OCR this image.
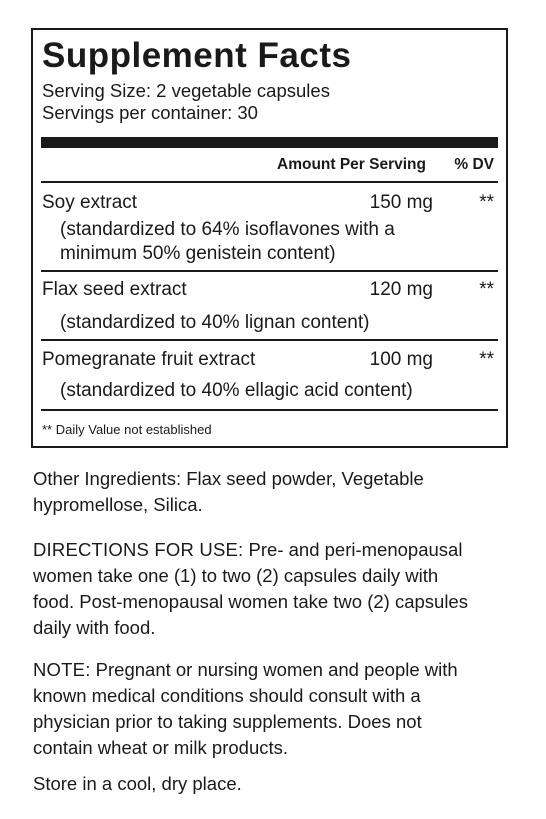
Supplement Facts
Serving Size: 2 vegetable capsules
Servings per container: 30
Amount Per Serving % DV
Soy extract	150 mg **
(standardized to 64% isoflavones with a
minimum 50% genistein content)
Flax seed extract	120 mg **
(standardized to 40% lignan content)
Pomegranate fruit extract	100 mg **
(standardized to 40% ellagic acid content)
** Daily Value not established
Other Ingredients: Flax seed powder, Vegetable
hypromellose, Silica.
DIRECTIONS FOR USE: Pre- and peri-menopausal
women take one (1) to two (2) capsules daily with
food. Post-menopausal women take two (2) capsules
daily with food.
NOTE: Pregnant or nursing women and people with
known medical conditions should consult with a
physician prior to taking supplements. Does not
contain wheat or milk products.
Store in a cool, dry place.
